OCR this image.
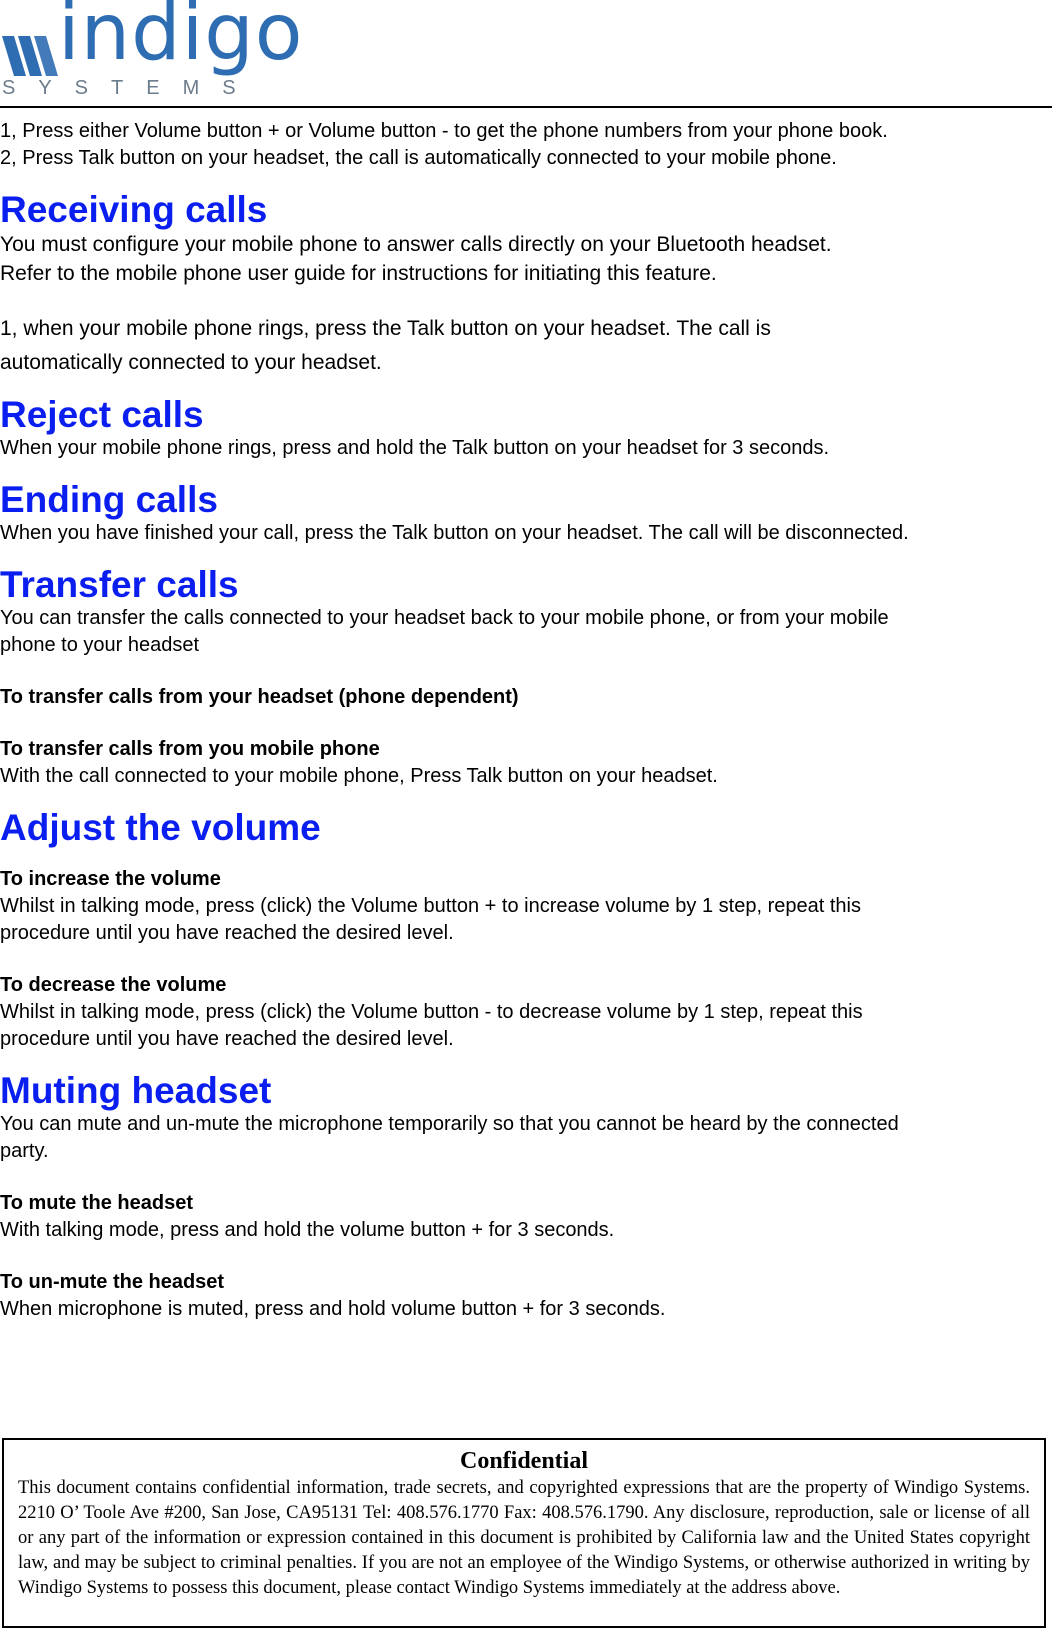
indigo
SYSTEMS

1, Press either Volume button + or Volume button - to get the phone numbers from your phone book.

2, Press Talk button on your headset, the call is automatically connected to your mobile phone.

Receiving calls

You must configure your mobile phone to answer calls directly on your Bluetooth headset.

Refer to the mobile phone user guide for instructions for initiating this feature.

1, when your mobile phone rings, press the Talk button on your headset. The call is

automatically connected to your headset.

Reject calls

When your mobile phone rings, press and hold the Talk button on your headset for 3 seconds.

Ending calls

When you have finished your call, press the Talk button on your headset. The call will be disconnected.

Transfer calls

You can transfer the calls connected to your headset back to your mobile phone, or from your mobile

phone to your headset

To transfer calls from your headset (phone dependent)

To transfer calls from you mobile phone

With the call connected to your mobile phone, Press Talk button on your headset.

Adjust the volume

To increase the volume

Whilst in talking mode, press (click) the Volume button + to increase volume by 1 step, repeat this

procedure until you have reached the desired level.

To decrease the volume

Whilst in talking mode, press (click) the Volume button - to decrease volume by 1 step, repeat this

procedure until you have reached the desired level.

Muting headset

You can mute and un-mute the microphone temporarily so that you cannot be heard by the connected

party.

To mute the headset

With talking mode, press and hold the volume button + for 3 seconds.

To un-mute the headset

When microphone is muted, press and hold volume button + for 3 seconds.

Confidential

This document contains confidential information, trade secrets, and copyrighted expressions that are the property of Windigo Systems. 2210 O’ Toole Ave #200, San Jose, CA95131 Tel: 408.576.1770 Fax: 408.576.1790. Any disclosure, reproduction, sale or license of all or any part of the information or expression contained in this document is prohibited by California law and the United States copyright law, and may be subject to criminal penalties. If you are not an employee of the Windigo Systems, or otherwise authorized in writing by Windigo Systems to possess this document, please contact Windigo Systems immediately at the address above.
